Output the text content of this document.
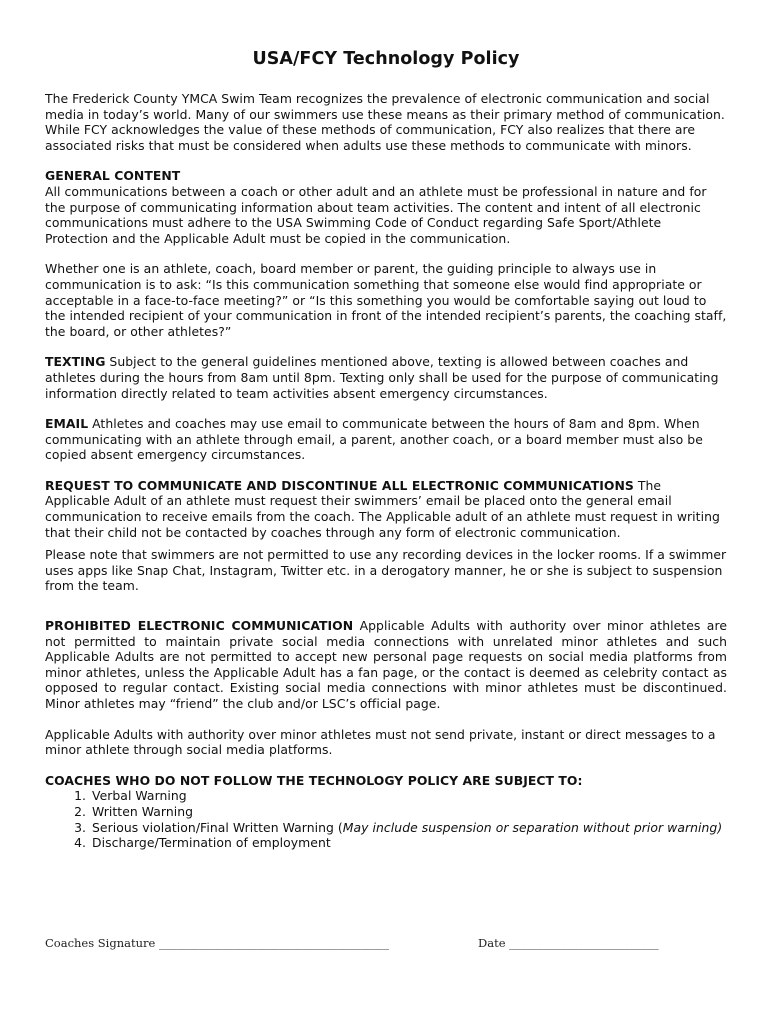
USA/FCY Technology Policy

The Frederick County YMCA Swim Team recognizes the prevalence of electronic communication and social media in today’s world. Many of our swimmers use these means as their primary method of communication. While FCY acknowledges the value of these methods of communication, FCY also realizes that there are associated risks that must be considered when adults use these methods to communicate with minors.

GENERAL CONTENT

All communications between a coach or other adult and an athlete must be professional in nature and for the purpose of communicating information about team activities. The content and intent of all electronic communications must adhere to the USA Swimming Code of Conduct regarding Safe Sport/Athlete Protection and the Applicable Adult must be copied in the communication.

Whether one is an athlete, coach, board member or parent, the guiding principle to always use in communication is to ask: “Is this communication something that someone else would find appropriate or acceptable in a face-to-face meeting?” or “Is this something you would be comfortable saying out loud to the intended recipient of your communication in front of the intended recipient’s parents, the coaching staff, the board, or other athletes?”

TEXTING Subject to the general guidelines mentioned above, texting is allowed between coaches and athletes during the hours from 8am until 8pm. Texting only shall be used for the purpose of communicating information directly related to team activities absent emergency circumstances.

EMAIL Athletes and coaches may use email to communicate between the hours of 8am and 8pm. When communicating with an athlete through email, a parent, another coach, or a board member must also be copied absent emergency circumstances.

REQUEST TO COMMUNICATE AND DISCONTINUE ALL ELECTRONIC COMMUNICATIONS The Applicable Adult of an athlete must request their swimmers’ email be placed onto the general email communication to receive emails from the coach. The Applicable adult of an athlete must request in writing that their child not be contacted by coaches through any form of electronic communication.

Please note that swimmers are not permitted to use any recording devices in the locker rooms. If a swimmer uses apps like Snap Chat, Instagram, Twitter etc. in a derogatory manner, he or she is subject to suspension from the team.

PROHIBITED ELECTRONIC COMMUNICATION Applicable Adults with authority over minor athletes are not permitted to maintain private social media connections with unrelated minor athletes and such Applicable Adults are not permitted to accept new personal page requests on social media platforms from minor athletes, unless the Applicable Adult has a fan page, or the contact is deemed as celebrity contact as opposed to regular contact. Existing social media connections with minor athletes must be discontinued. Minor athletes may “friend” the club and/or LSC’s official page.

Applicable Adults with authority over minor athletes must not send private, instant or direct messages to a minor athlete through social media platforms.

COACHES WHO DO NOT FOLLOW THE TECHNOLOGY POLICY ARE SUBJECT TO:
1. Verbal Warning
2. Written Warning
3. Serious violation/Final Written Warning (May include suspension or separation without prior warning)
4. Discharge/Termination of employment
Coaches Signature ________________________________________	Date __________________________
